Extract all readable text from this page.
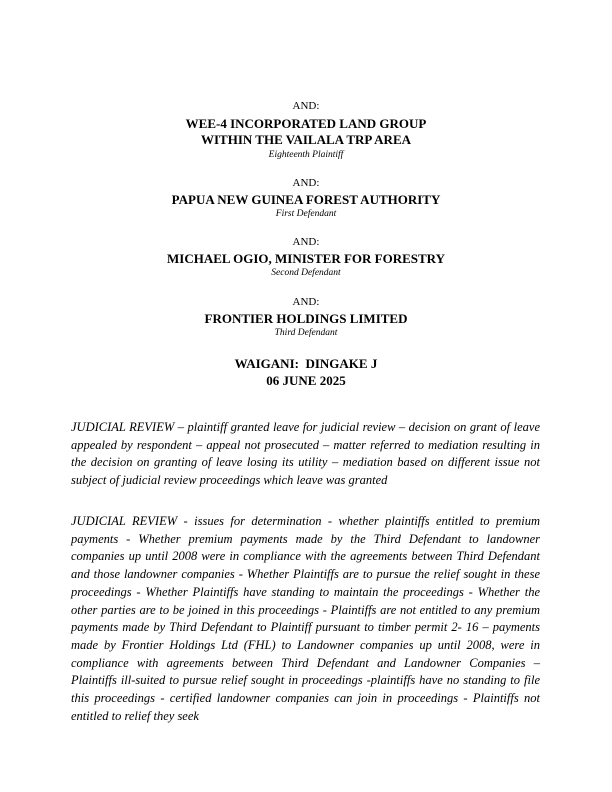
AND:
WEE-4 INCORPORATED LAND GROUP
WITHIN THE VAILALA TRP AREA
Eighteenth Plaintiff
AND:
PAPUA NEW GUINEA FOREST AUTHORITY
First Defendant
AND:
MICHAEL OGIO, MINISTER FOR FORESTRY
Second Defendant
AND:
FRONTIER HOLDINGS LIMITED
Third Defendant
WAIGANI:  DINGAKE J
06 JUNE 2025
JUDICIAL REVIEW – plaintiff granted leave for judicial review – decision on grant of leave appealed by respondent – appeal not prosecuted – matter referred to mediation resulting in the decision on granting of leave losing its utility – mediation based on different issue not subject of judicial review proceedings which leave was granted
JUDICIAL REVIEW - issues for determination - whether plaintiffs entitled to premium payments - Whether premium payments made by the Third Defendant to landowner companies up until 2008 were in compliance with the agreements between Third Defendant and those landowner companies - Whether Plaintiffs are to pursue the relief sought in these proceedings - Whether Plaintiffs have standing to maintain the proceedings - Whether the other parties are to be joined in this proceedings - Plaintiffs are not entitled to any premium payments made by Third Defendant to Plaintiff pursuant to timber permit 2- 16 – payments made by Frontier Holdings Ltd (FHL) to Landowner companies up until 2008, were in compliance with agreements between Third Defendant and Landowner Companies – Plaintiffs ill-suited to pursue relief sought in proceedings -plaintiffs have no standing to file this proceedings - certified landowner companies can join in proceedings - Plaintiffs not entitled to relief they seek
